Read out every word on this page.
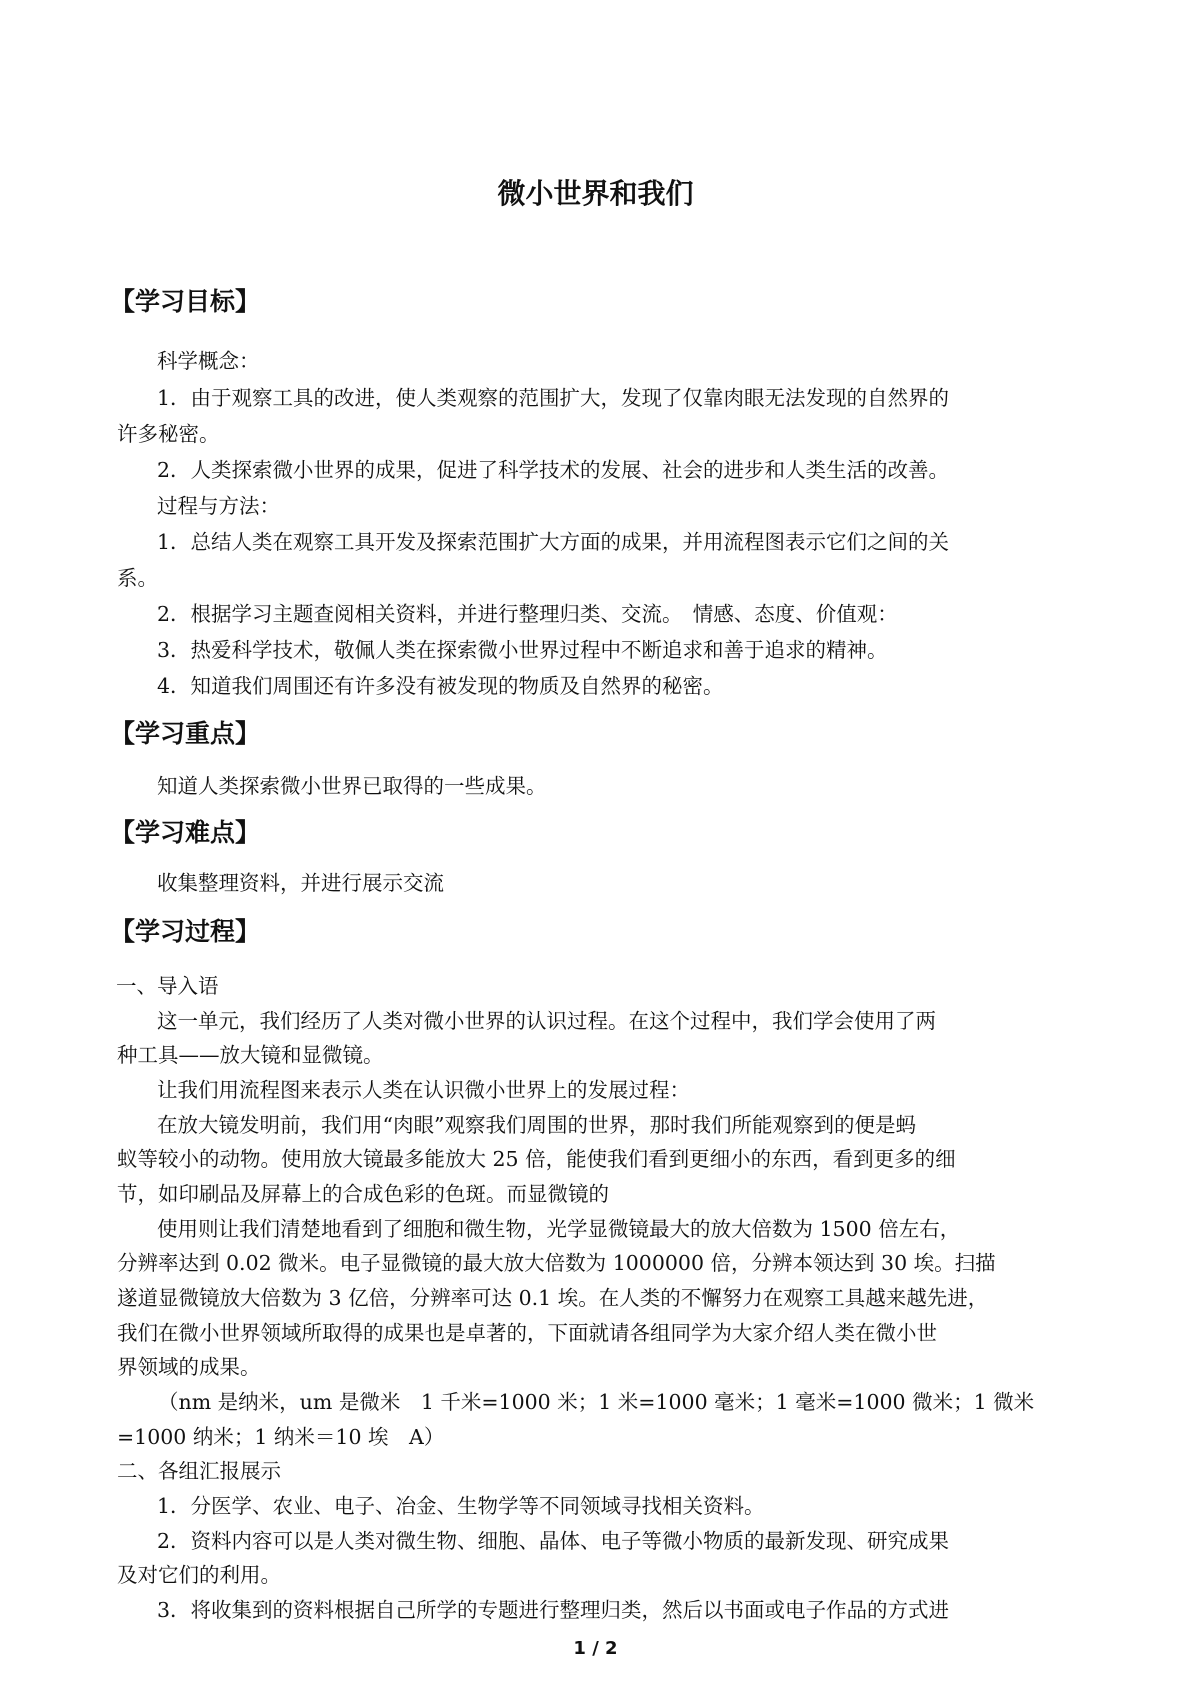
微小世界和我们
【学习目标】
科学概念：
1．由于观察工具的改进，使人类观察的范围扩大，发现了仅靠肉眼无法发现的自然界的
许多秘密。
2．人类探索微小世界的成果，促进了科学技术的发展、社会的进步和人类生活的改善。
过程与方法：
1．总结人类在观察工具开发及探索范围扩大方面的成果，并用流程图表示它们之间的关
系。
2．根据学习主题查阅相关资料，并进行整理归类、交流。　情感、态度、价值观：
3．热爱科学技术，敬佩人类在探索微小世界过程中不断追求和善于追求的精神。
4．知道我们周围还有许多没有被发现的物质及自然界的秘密。
【学习重点】
知道人类探索微小世界已取得的一些成果。
【学习难点】
收集整理资料，并进行展示交流
【学习过程】
一、导入语
这一单元，我们经历了人类对微小世界的认识过程。在这个过程中，我们学会使用了两
种工具——放大镜和显微镜。
让我们用流程图来表示人类在认识微小世界上的发展过程：
在放大镜发明前，我们用“肉眼”观察我们周围的世界，那时我们所能观察到的便是蚂
蚁等较小的动物。使用放大镜最多能放大 25 倍，能使我们看到更细小的东西，看到更多的细
节，如印刷品及屏幕上的合成色彩的色斑。而显微镜的
使用则让我们清楚地看到了细胞和微生物，光学显微镜最大的放大倍数为 1500 倍左右，
分辨率达到 0.02 微米。电子显微镜的最大放大倍数为 1000000 倍，分辨本领达到 30 埃。扫描
遂道显微镜放大倍数为 3 亿倍，分辨率可达 0.1 埃。在人类的不懈努力在观察工具越来越先进，
我们在微小世界领域所取得的成果也是卓著的，下面就请各组同学为大家介绍人类在微小世
界领域的成果。
（nm 是纳米，um 是微米　1 千米=1000 米；1 米=1000 毫米；1 毫米=1000 微米；1 微米
=1000 纳米；1 纳米＝10 埃　A）
二、各组汇报展示
1．分医学、农业、电子、冶金、生物学等不同领域寻找相关资料。
1 / 2
2．资料内容可以是人类对微生物、细胞、晶体、电子等微小物质的最新发现、研究成果
及对它们的利用。
3．将收集到的资料根据自己所学的专题进行整理归类，然后以书面或电子作品的方式进
